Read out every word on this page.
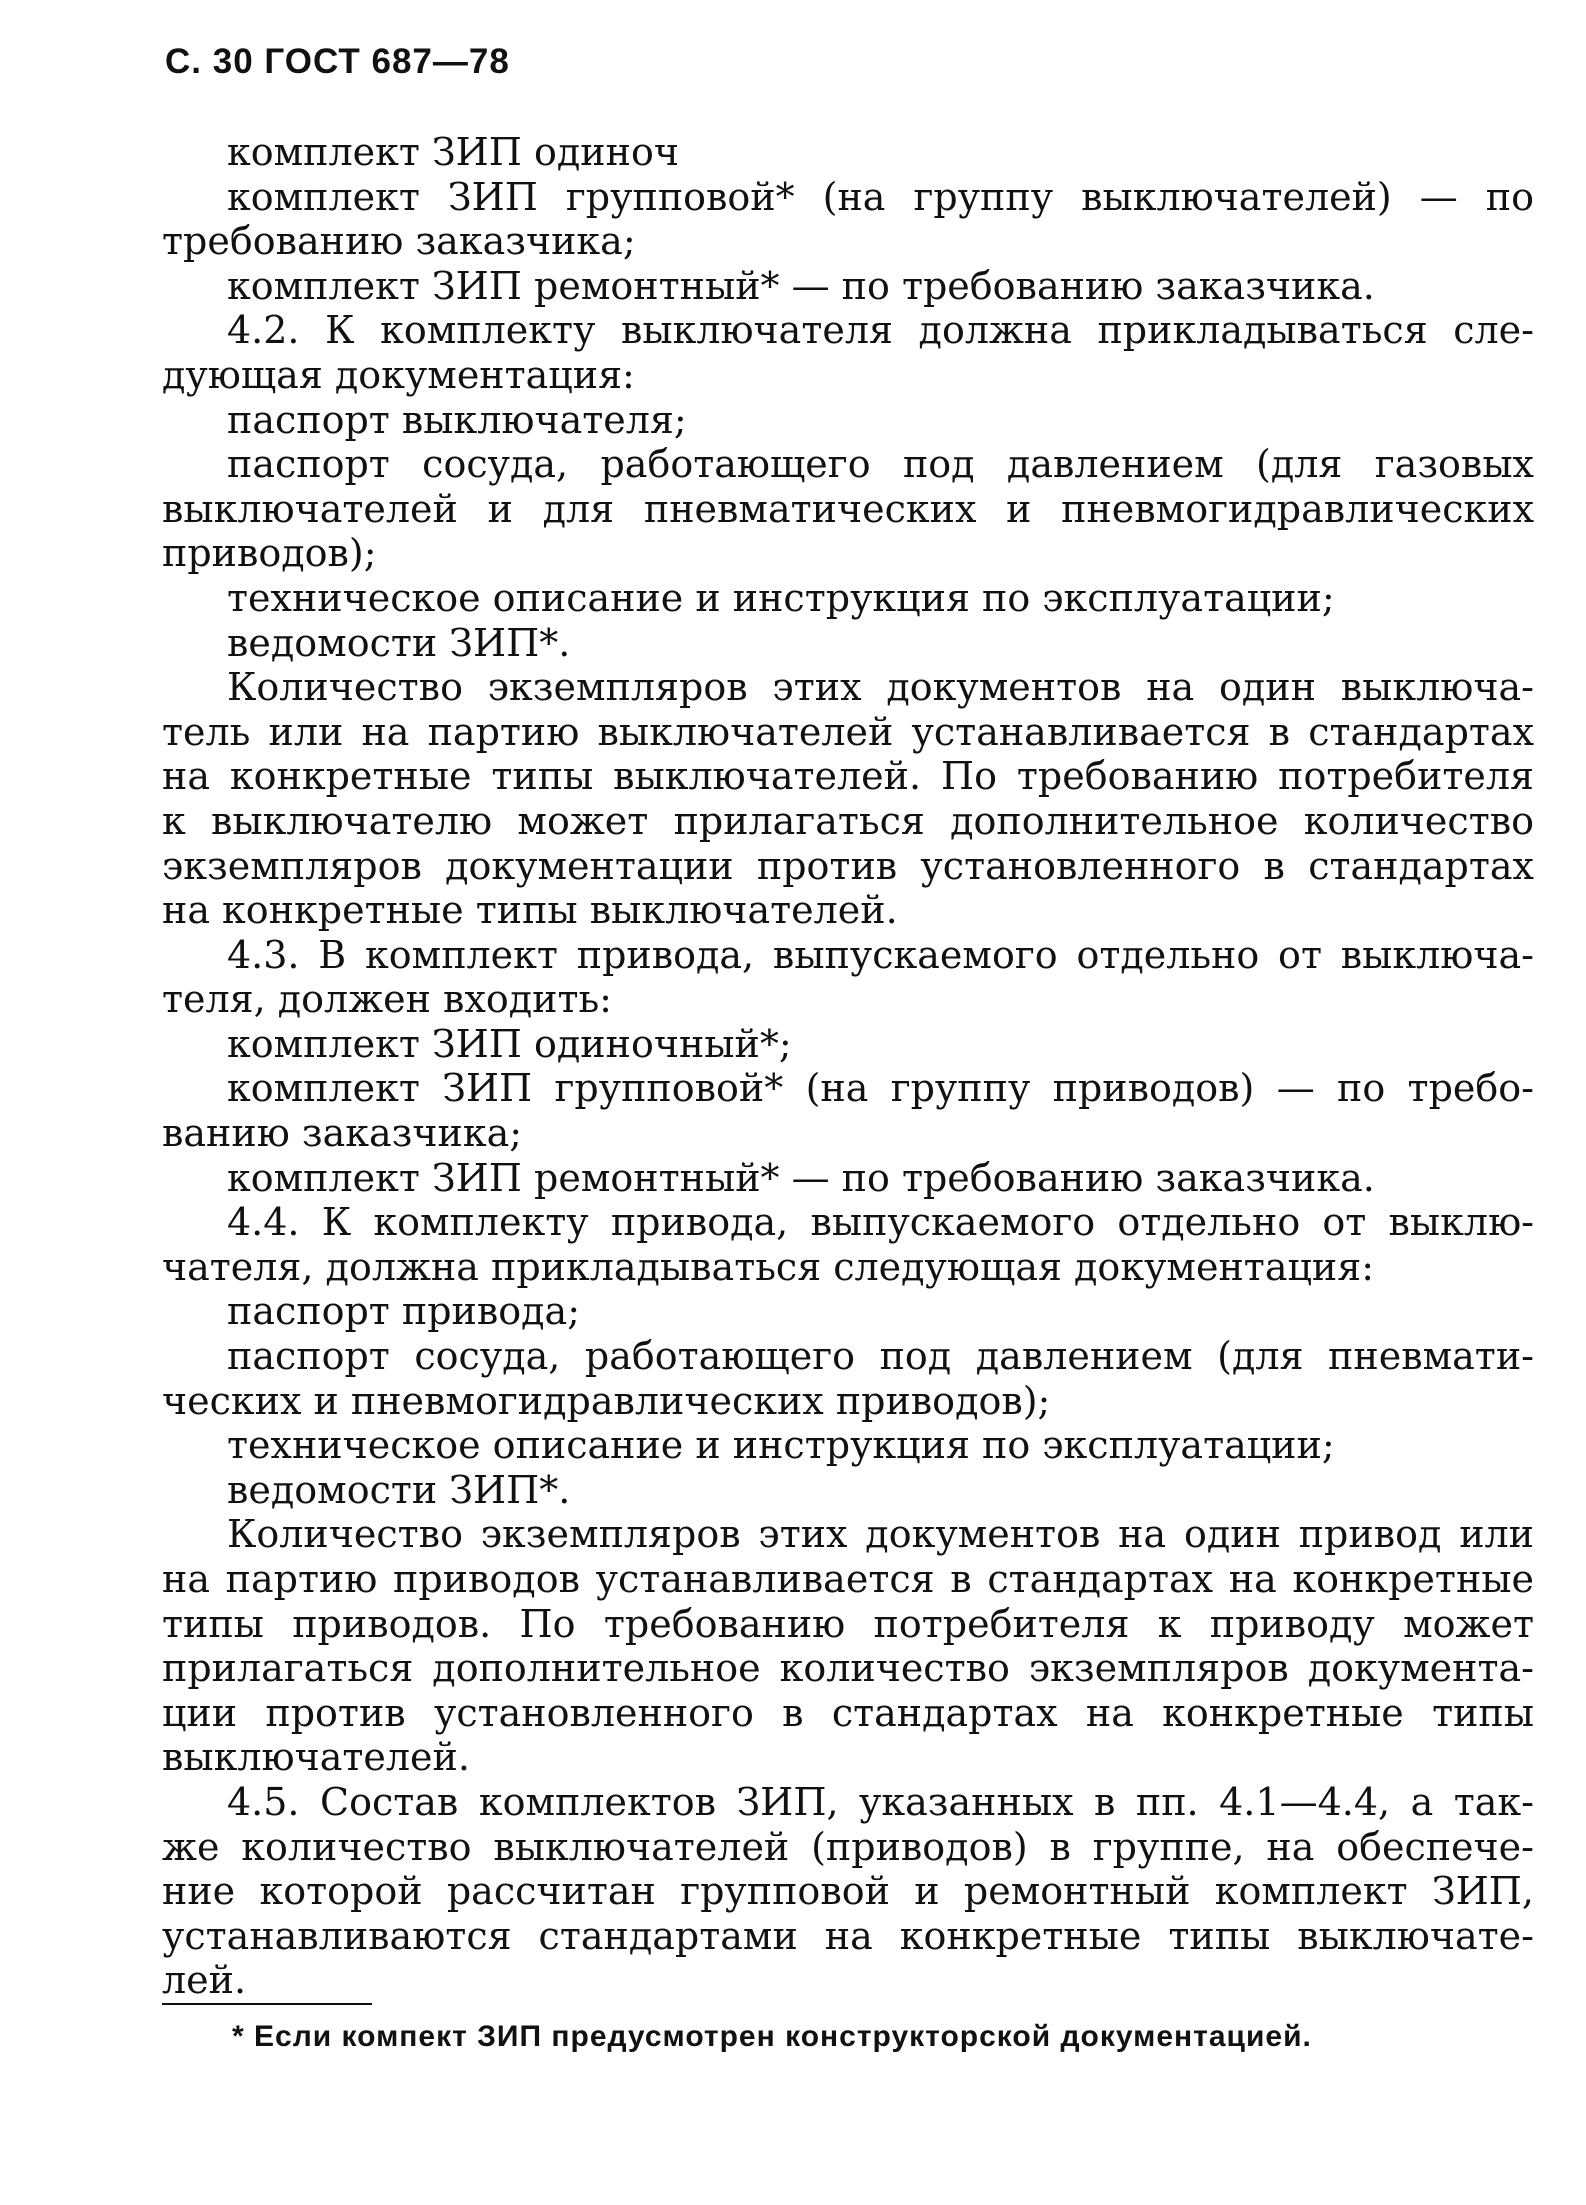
С. 30 ГОСТ 687—78

комплект ЗИП одиноч

комплект ЗИП групповой* (на группу выключателей) — по

требованию заказчика;

комплект ЗИП ремонтный* — по требованию заказчика.

4.2. К комплекту выключателя должна прикладываться сле-

дующая документация:

паспорт выключателя;

паспорт сосуда, работающего под давлением (для газовых

выключателей и для пневматических и пневмогидравлических

приводов);

техническое описание и инструкция по эксплуатации;

ведомости ЗИП*.

Количество экземпляров этих документов на один выключа-

тель или на партию выключателей устанавливается в стандартах

на конкретные типы выключателей. По требованию потребителя

к выключателю может прилагаться дополнительное количество

экземпляров документации против установленного в стандартах

на конкретные типы выключателей.

4.3. В комплект привода, выпускаемого отдельно от выключа-

теля, должен входить:

комплект ЗИП одиночный*;

комплект ЗИП групповой* (на группу приводов) — по требо-

ванию заказчика;

комплект ЗИП ремонтный* — по требованию заказчика.

4.4. К комплекту привода, выпускаемого отдельно от выклю-

чателя, должна прикладываться следующая документация:

паспорт привода;

паспорт сосуда, работающего под давлением (для пневмати-

ческих и пневмогидравлических приводов);

техническое описание и инструкция по эксплуатации;

ведомости ЗИП*.

Количество экземпляров этих документов на один привод или

на партию приводов устанавливается в стандартах на конкретные

типы приводов. По требованию потребителя к приводу может

прилагаться дополнительное количество экземпляров документа-

ции против установленного в стандартах на конкретные типы

выключателей.

4.5. Состав комплектов ЗИП, указанных в пп. 4.1—4.4, а так-

же количество выключателей (приводов) в группе, на обеспече-

ние которой рассчитан групповой и ремонтный комплект ЗИП,

устанавливаются стандартами на конкретные типы выключате-

лей.

* Если компект ЗИП предусмотрен конструкторской документацией.
